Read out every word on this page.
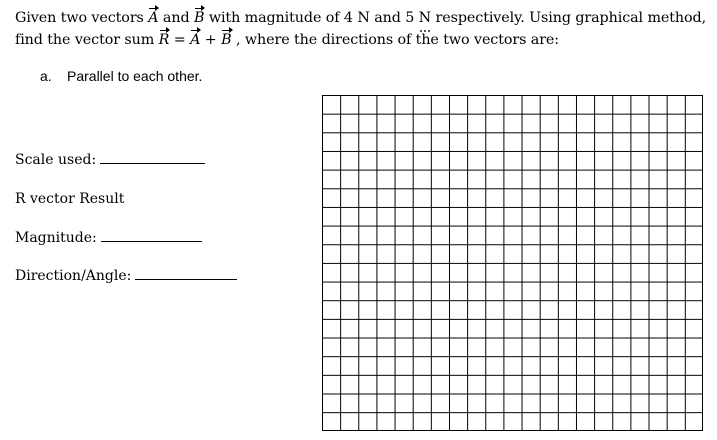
Given two vectors A and B with magnitude of 4 N and 5 N respectively. Using graphical method,
find the vector sum R = A + B , where the directions of the two vectors are:
a. Parallel to each other.
Scale used:
R vector Result
Magnitude:
Direction/Angle:
